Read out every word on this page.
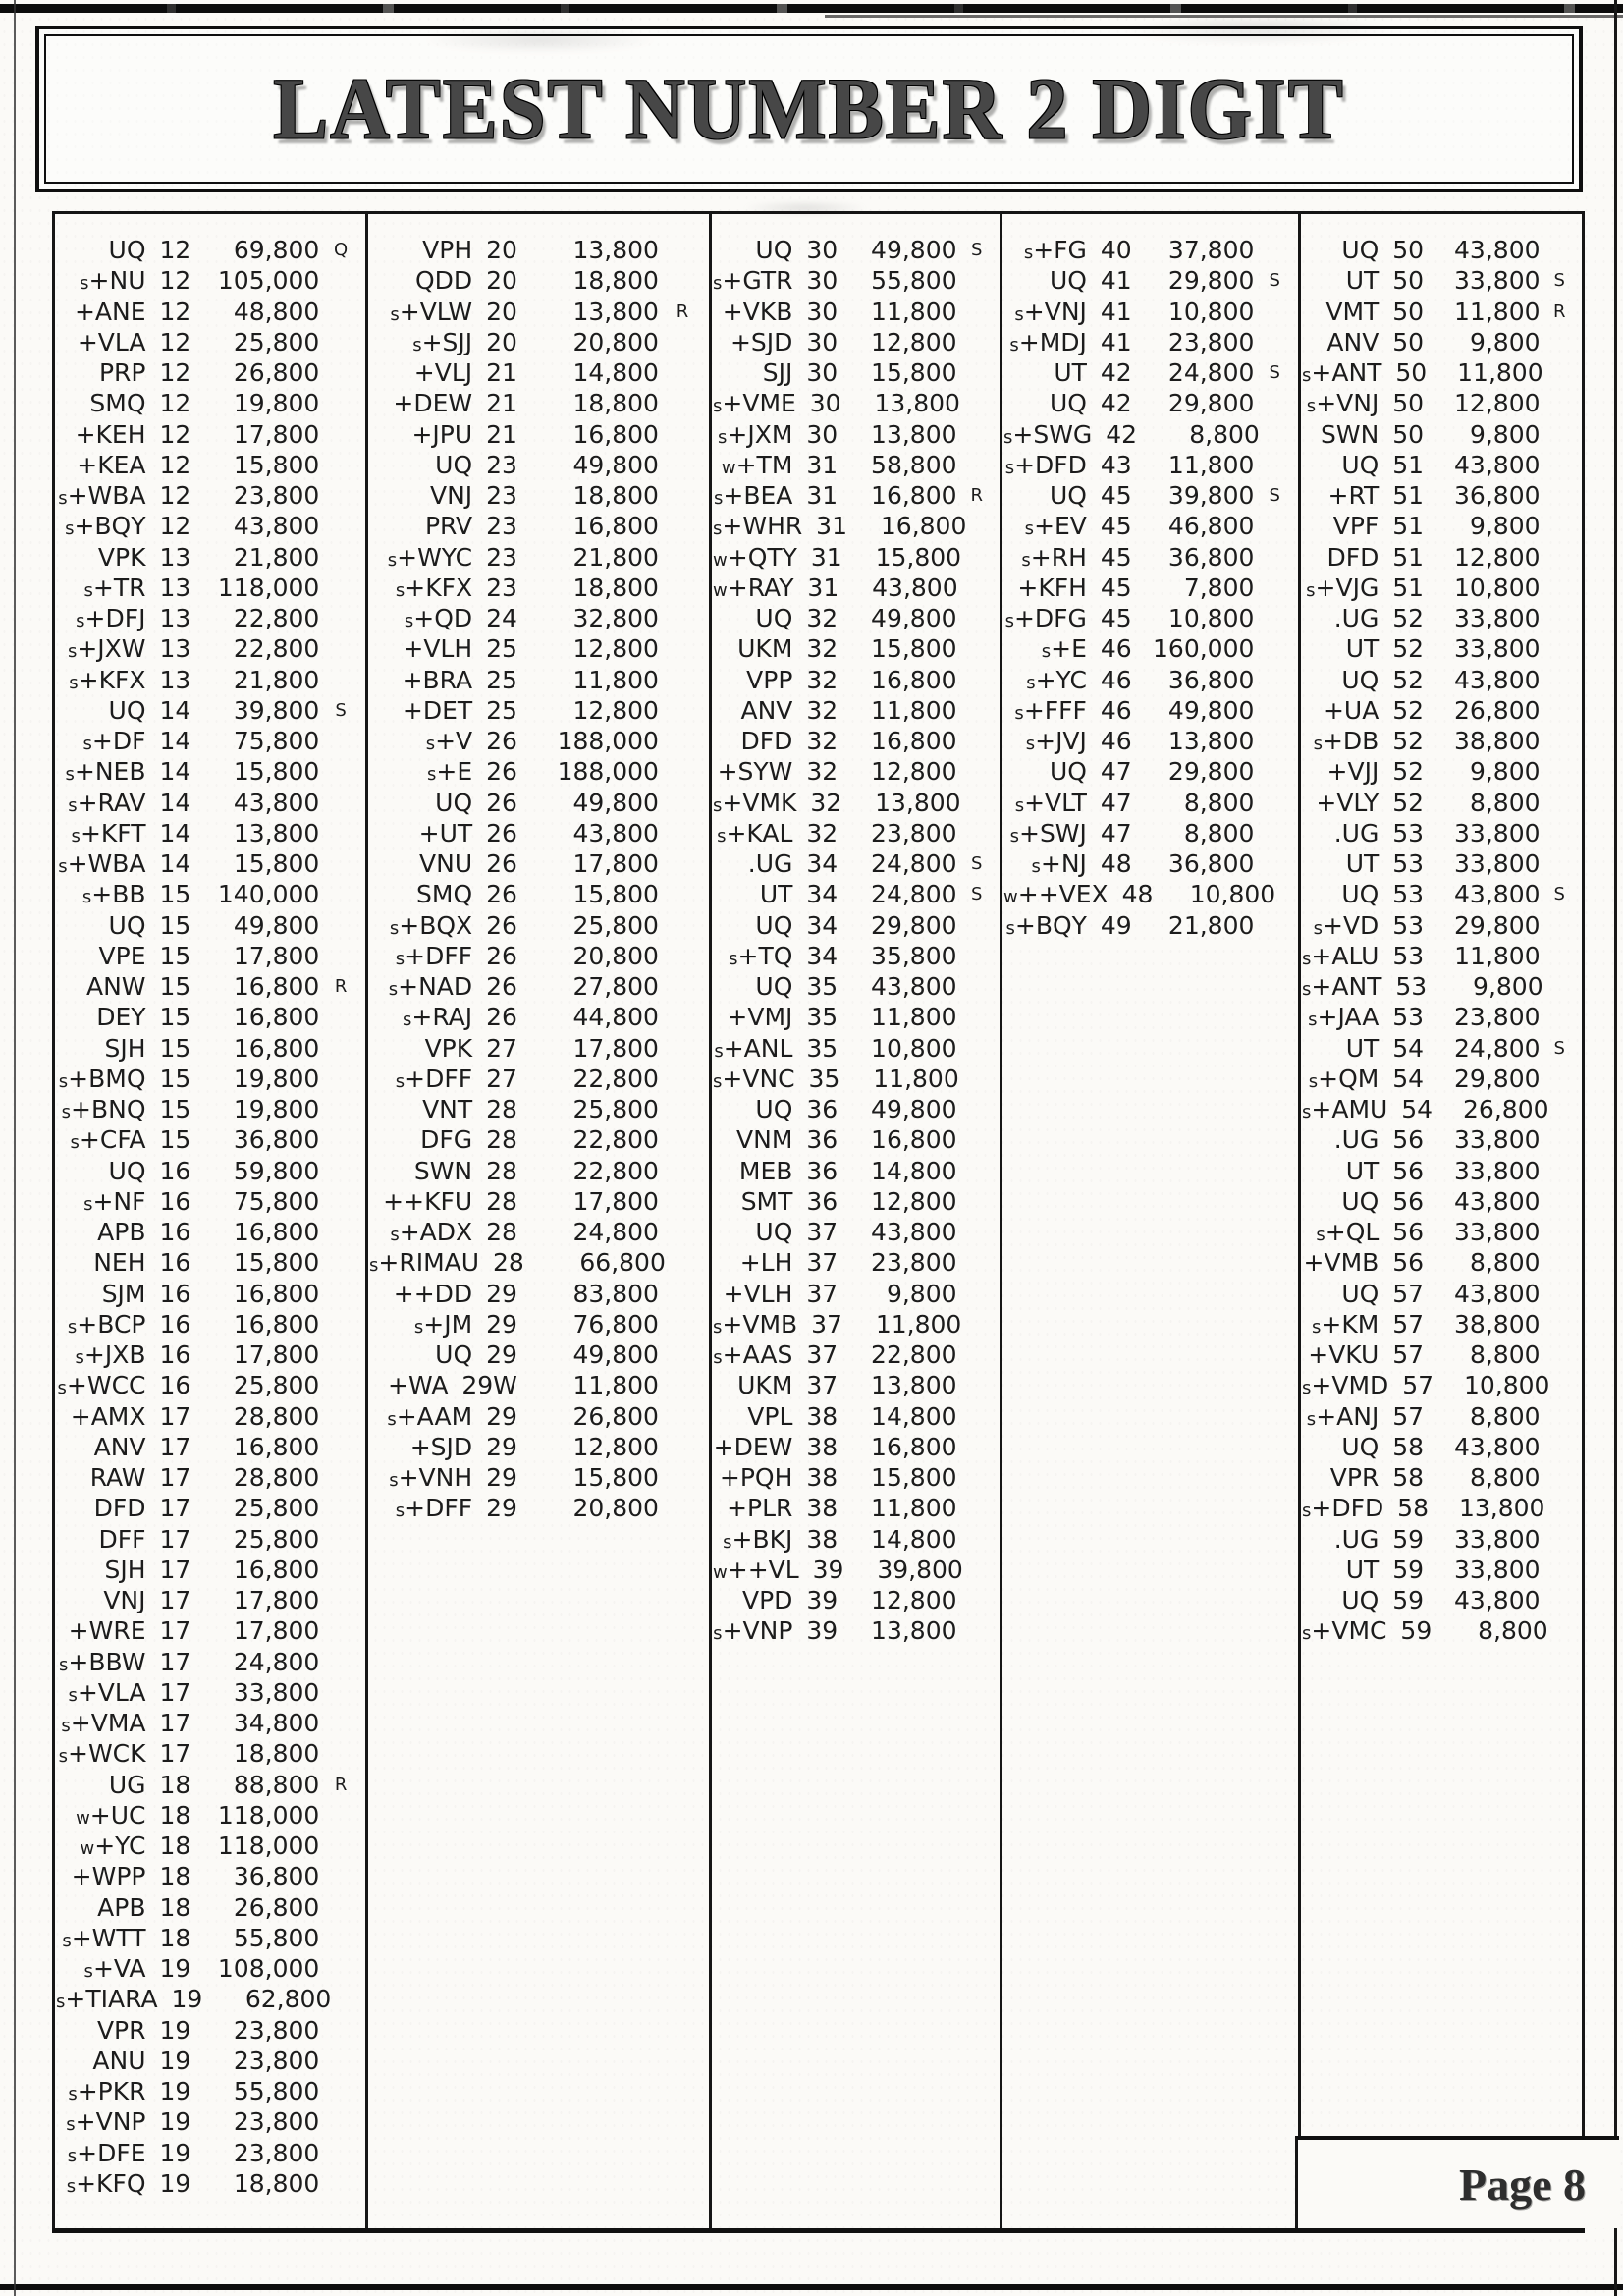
LATEST NUMBER 2 DIGIT
UQ 12	69,800 Q
s+NU 12	105,000
+ANE 12	48,800
+VLA 12	25,800
PRP 12	26,800
SMQ 12	19,800
+KEH 12	17,800
+KEA 12	15,800
s+WBA 12	23,800
s+BQY 12	43,800
VPK 13	21,800
s+TR 13	118,000
s+DFJ 13	22,800
s+JXW 13	22,800
s+KFX 13	21,800
UQ 14	39,800 S
s+DF 14	75,800
s+NEB 14	15,800
s+RAV 14	43,800
s+KFT 14	13,800
s+WBA 14	15,800
s+BB 15	140,000
UQ 15	49,800
VPE 15	17,800
ANW 15	16,800 R
DEY 15	16,800
SJH 15	16,800
s+BMQ 15	19,800
s+BNQ 15	19,800
s+CFA 15	36,800
UQ 16	59,800
s+NF 16	75,800
APB 16	16,800
NEH 16	15,800
SJM 16	16,800
s+BCP 16	16,800
s+JXB 16	17,800
s+WCC 16	25,800
+AMX 17	28,800
ANV 17	16,800
RAW 17	28,800
DFD 17	25,800
DFF 17	25,800
SJH 17	16,800
VNJ 17	17,800
+WRE 17	17,800
s+BBW 17	24,800
s+VLA 17	33,800
s+VMA 17	34,800
s+WCK 17	18,800
UG 18	88,800 R
w+UC 18	118,000
w+YC 18	118,000
+WPP 18	36,800
APB 18	26,800
s+WTT 18	55,800
s+VA 19	108,000
s+TIARA 19	62,800
VPR 19	23,800
ANU 19	23,800
s+PKR 19	55,800
s+VNP 19	23,800
s+DFE 19	23,800
s+KFQ 19	18,800
VPH 20	13,800
QDD 20	18,800
s+VLW 20	13,800 R
s+SJJ 20	20,800
+VLJ 21	14,800
+DEW 21	18,800
+JPU 21	16,800
UQ 23	49,800
VNJ 23	18,800
PRV 23	16,800
s+WYC 23	21,800
s+KFX 23	18,800
s+QD 24	32,800
+VLH 25	12,800
+BRA 25	11,800
+DET 25	12,800
s+V 26	188,000
s+E 26	188,000
UQ 26	49,800
+UT 26	43,800
VNU 26	17,800
SMQ 26	15,800
s+BQX 26	25,800
s+DFF 26	20,800
s+NAD 26	27,800
s+RAJ 26	44,800
VPK 27	17,800
s+DFF 27	22,800
VNT 28	25,800
DFG 28	22,800
SWN 28	22,800
++KFU 28	17,800
s+ADX 28	24,800
s+RIMAU 28	66,800
++DD 29	83,800
s+JM 29	76,800
UQ 29	49,800
+WA 29W	11,800
s+AAM 29	26,800
+SJD 29	12,800
s+VNH 29	15,800
s+DFF 29	20,800
UQ 30	49,800 S
s+GTR 30	55,800
+VKB 30	11,800
+SJD 30	12,800
SJJ 30	15,800
s+VME 30	13,800
s+JXM 30	13,800
w+TM 31	58,800
s+BEA 31	16,800 R
s+WHR 31	16,800
w+QTY 31	15,800
w+RAY 31	43,800
UQ 32	49,800
UKM 32	15,800
VPP 32	16,800
ANV 32	11,800
DFD 32	16,800
+SYW 32	12,800
s+VMK 32	13,800
s+KAL 32	23,800
.UG 34	24,800 S
UT 34	24,800 S
UQ 34	29,800
s+TQ 34	35,800
UQ 35	43,800
+VMJ 35	11,800
s+ANL 35	10,800
s+VNC 35	11,800
UQ 36	49,800
VNM 36	16,800
MEB 36	14,800
SMT 36	12,800
UQ 37	43,800
+LH 37	23,800
+VLH 37	9,800
s+VMB 37	11,800
s+AAS 37	22,800
UKM 37	13,800
VPL 38	14,800
+DEW 38	16,800
+PQH 38	15,800
+PLR 38	11,800
s+BKJ 38	14,800
w++VL 39	39,800
VPD 39	12,800
s+VNP 39	13,800
s+FG 40	37,800
UQ 41	29,800 S
s+VNJ 41	10,800
s+MDJ 41	23,800
UT 42	24,800 S
UQ 42	29,800
s+SWG 42	8,800
s+DFD 43	11,800
UQ 45	39,800 S
s+EV 45	46,800
s+RH 45	36,800
+KFH 45	7,800
s+DFG 45	10,800
s+E 46 160,000
s+YC 46	36,800
s+FFF 46	49,800
s+JVJ 46	13,800
UQ 47	29,800
s+VLT 47	8,800
s+SWJ 47	8,800
s+NJ 48	36,800
w++VEX 48	10,800
s+BQY 49	21,800
UQ 50	43,800
UT 50	33,800 S
VMT 50	11,800 R
ANV 50	9,800
s+ANT 50	11,800
s+VNJ 50	12,800
SWN 50	9,800
UQ 51	43,800
+RT 51	36,800
VPF 51	9,800
DFD 51	12,800
s+VJG 51	10,800
.UG 52	33,800
UT 52	33,800
UQ 52	43,800
+UA 52	26,800
s+DB 52	38,800
+VJJ 52	9,800
+VLY 52	8,800
.UG 53	33,800
UT 53	33,800
UQ 53	43,800 S
s+VD 53	29,800
s+ALU 53	11,800
s+ANT 53	9,800
s+JAA 53	23,800
UT 54	24,800 S
s+QM 54	29,800
s+AMU 54	26,800
.UG 56	33,800
UT 56	33,800
UQ 56	43,800
s+QL 56	33,800
+VMB 56	8,800
UQ 57	43,800
s+KM 57	38,800
+VKU 57	8,800
s+VMD 57	10,800
s+ANJ 57	8,800
UQ 58	43,800
VPR 58	8,800
s+DFD 58	13,800
.UG 59	33,800
UT 59	33,800
UQ 59	43,800
s+VMC 59	8,800
Page 8
